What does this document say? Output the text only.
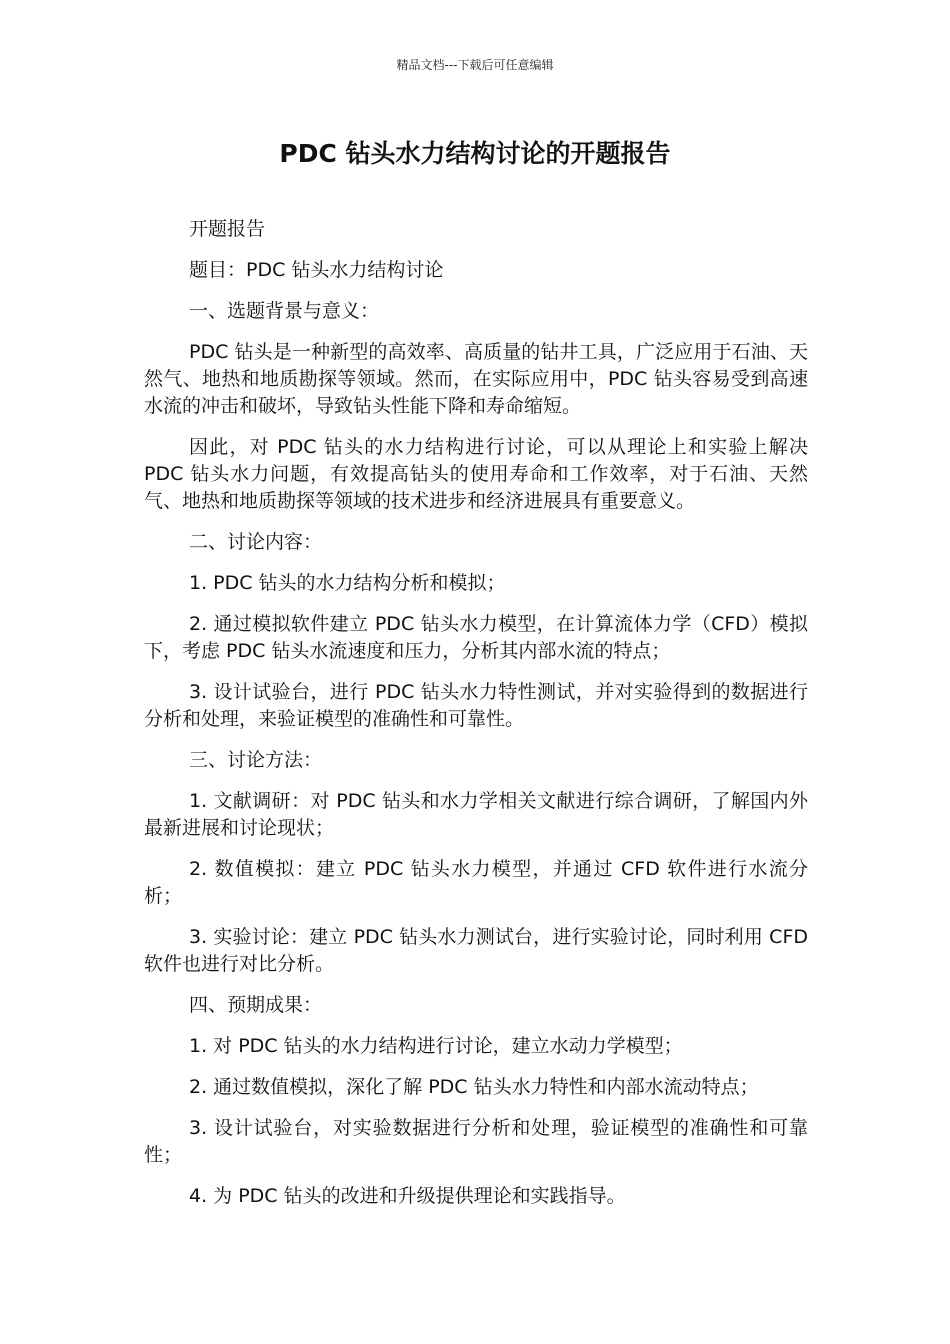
精品文档---下载后可任意编辑
PDC 钻头水力结构讨论的开题报告

开题报告

题目：PDC 钻头水力结构讨论

一、选题背景与意义：

PDC 钻头是一种新型的高效率、高质量的钻井工具，广泛应用于石油、天然气、地热和地质勘探等领域。然而，在实际应用中，PDC 钻头容易受到高速水流的冲击和破坏，导致钻头性能下降和寿命缩短。

因此，对 PDC 钻头的水力结构进行讨论，可以从理论上和实验上解决 PDC 钻头水力问题，有效提高钻头的使用寿命和工作效率，对于石油、天然气、地热和地质勘探等领域的技术进步和经济进展具有重要意义。

二、讨论内容：

1. PDC 钻头的水力结构分析和模拟；

2. 通过模拟软件建立 PDC 钻头水力模型，在计算流体力学（CFD）模拟下，考虑 PDC 钻头水流速度和压力，分析其内部水流的特点；

3. 设计试验台，进行 PDC 钻头水力特性测试，并对实验得到的数据进行分析和处理，来验证模型的准确性和可靠性。

三、讨论方法：

1. 文献调研：对 PDC 钻头和水力学相关文献进行综合调研，了解国内外最新进展和讨论现状；

2. 数值模拟：建立 PDC 钻头水力模型，并通过 CFD 软件进行水流分析；

3. 实验讨论：建立 PDC 钻头水力测试台，进行实验讨论，同时利用 CFD 软件也进行对比分析。

四、预期成果：

1. 对 PDC 钻头的水力结构进行讨论，建立水动力学模型；

2. 通过数值模拟，深化了解 PDC 钻头水力特性和内部水流动特点；

3. 设计试验台，对实验数据进行分析和处理，验证模型的准确性和可靠性；

4. 为 PDC 钻头的改进和升级提供理论和实践指导。
